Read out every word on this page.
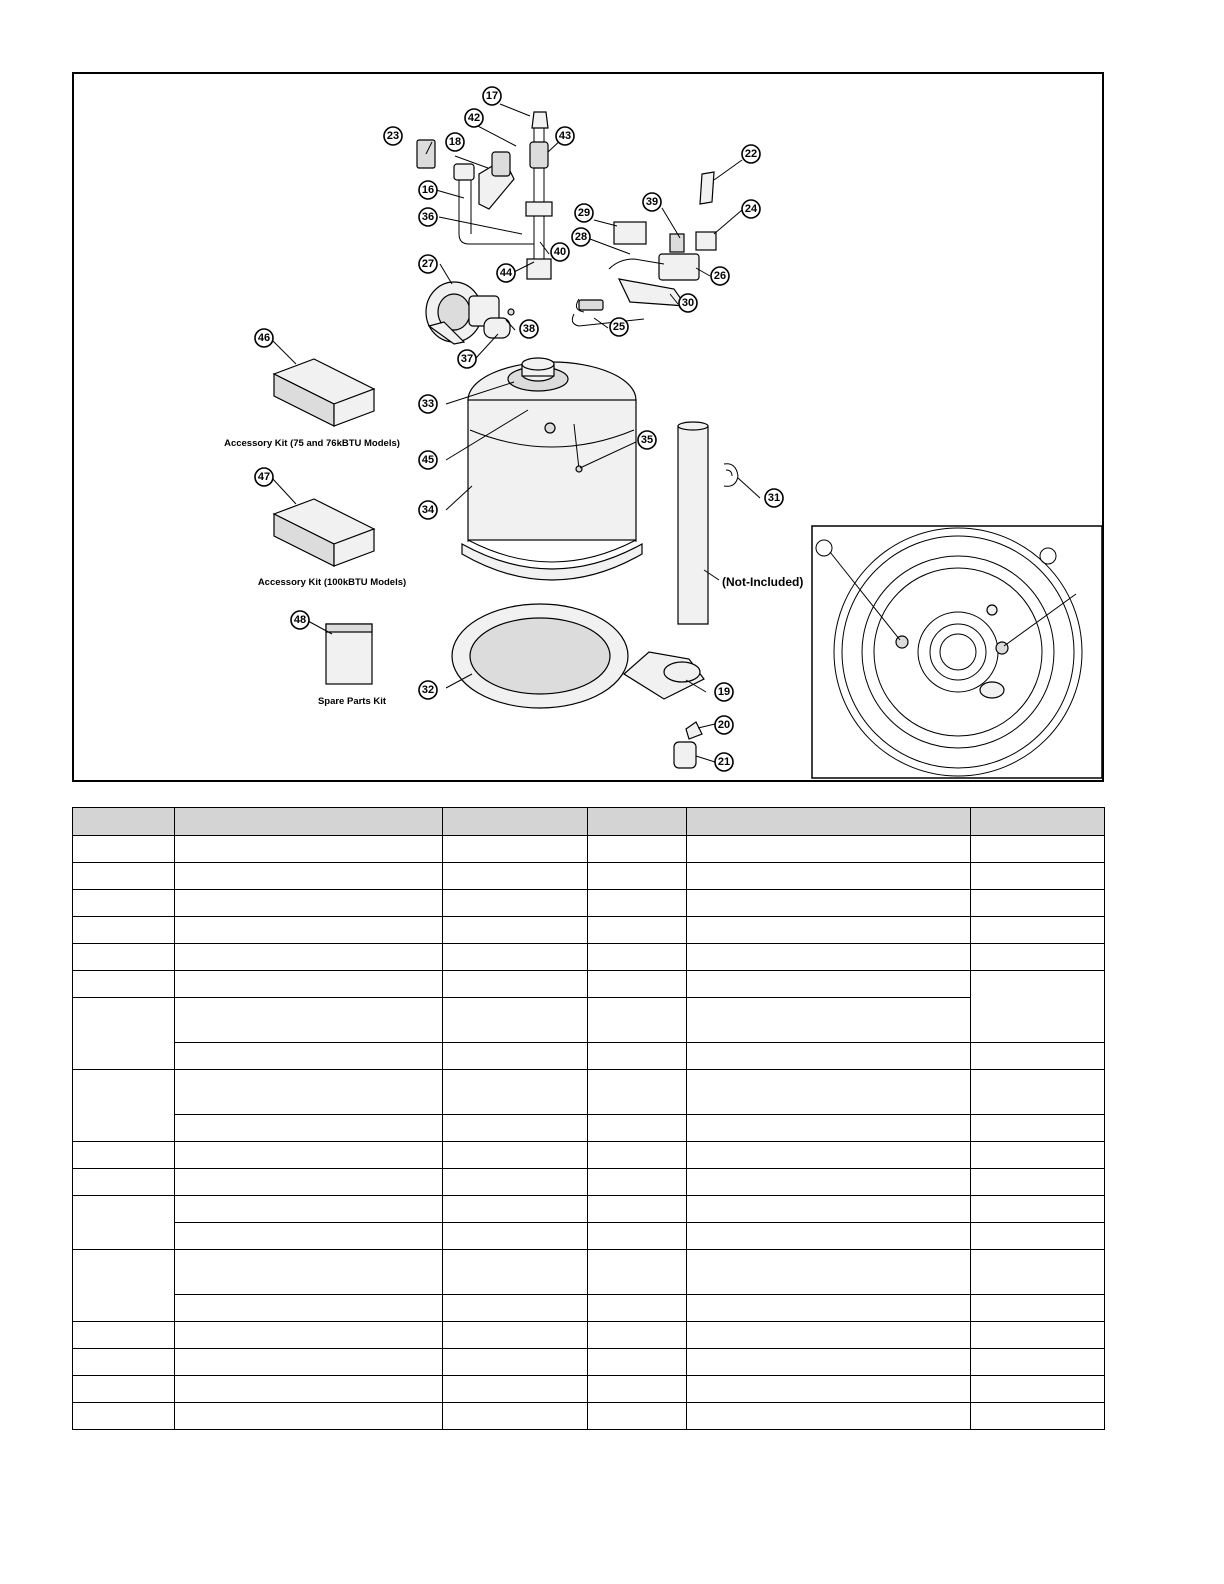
17
42
43
23	18
22
16
36
39
24
29
28
26
40
44
27
30
25
38
37
46
33
45
35
34
47
31
48
32	19
20
21
Accessory Kit (75 and 76kBTU Models)
Accessory Kit (100kBTU Models)
Spare Parts Kit
(Not-Included)
